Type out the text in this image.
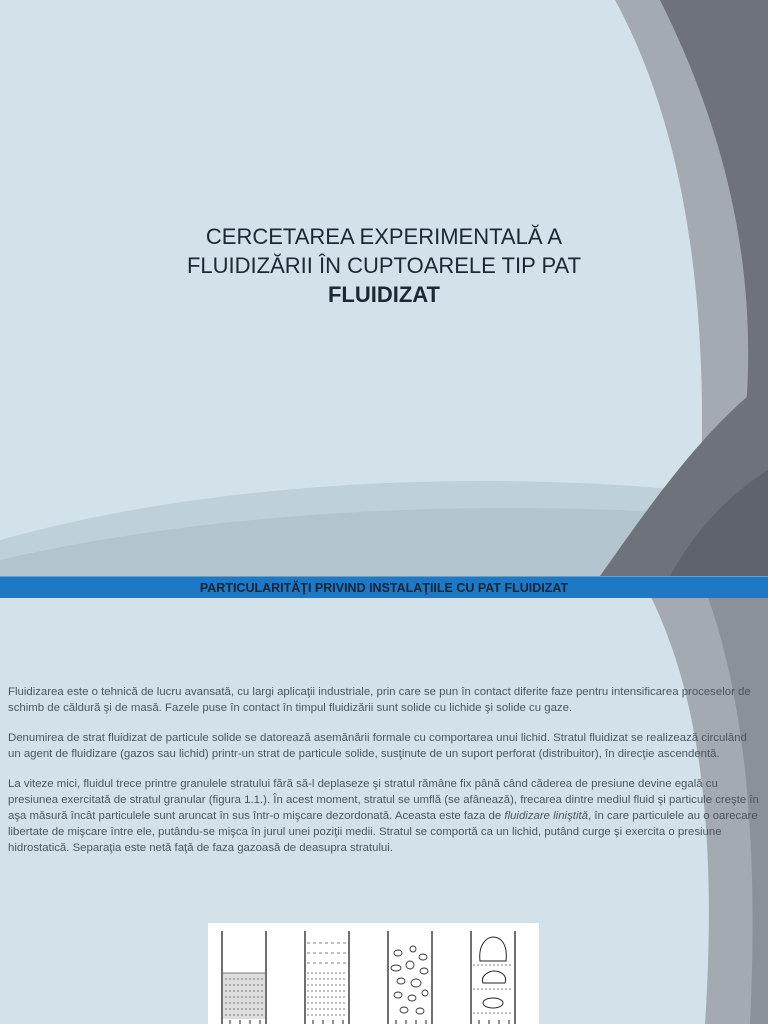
CERCETAREA EXPERIMENTALĂ A
FLUIDIZĂRII ÎN CUPTOARELE TIP PAT

FLUIDIZAT
PARTICULARITĂŢI PRIVIND INSTALAŢIILE CU PAT FLUIDIZAT

Fluidizarea este o tehnică de lucru avansată, cu largi aplicaţii industriale, prin care se pun în contact diferite faze pentru intensificarea proceselor de schimb de căldură şi de masă. Fazele puse în contact în timpul fluidizării sunt solide cu lichide şi solide cu gaze.

Denumirea de strat fluidizat de particule solide se datorează asemănării formale cu comportarea unui lichid. Stratul fluidizat se realizează circulând un agent de fluidizare (gazos sau lichid) printr-un strat de particule solide, susţinute de un suport perforat (distribuitor), în direcţie ascendentă.

La viteze mici, fluidul trece printre granulele stratului fără să-l deplaseze şi stratul rămâne fix până când căderea de presiune devine egală cu presiunea exercitată de stratul granular (figura 1.1.). În acest moment, stratul se umflă (se afânează), frecarea dintre mediul fluid şi particule creşte în aşa măsură încât particulele sunt aruncat în sus într-o mişcare dezordonată. Aceasta este faza de fluidizare liniştită, în care particulele au o oarecare libertate de mişcare între ele, putându-se mişca în jurul unei poziţii medii. Stratul se comportă ca un lichid, putând curge şi exercita o presiune hidrostatică. Separaţia este netă faţă de faza gazoasă de deasupra stratului.
